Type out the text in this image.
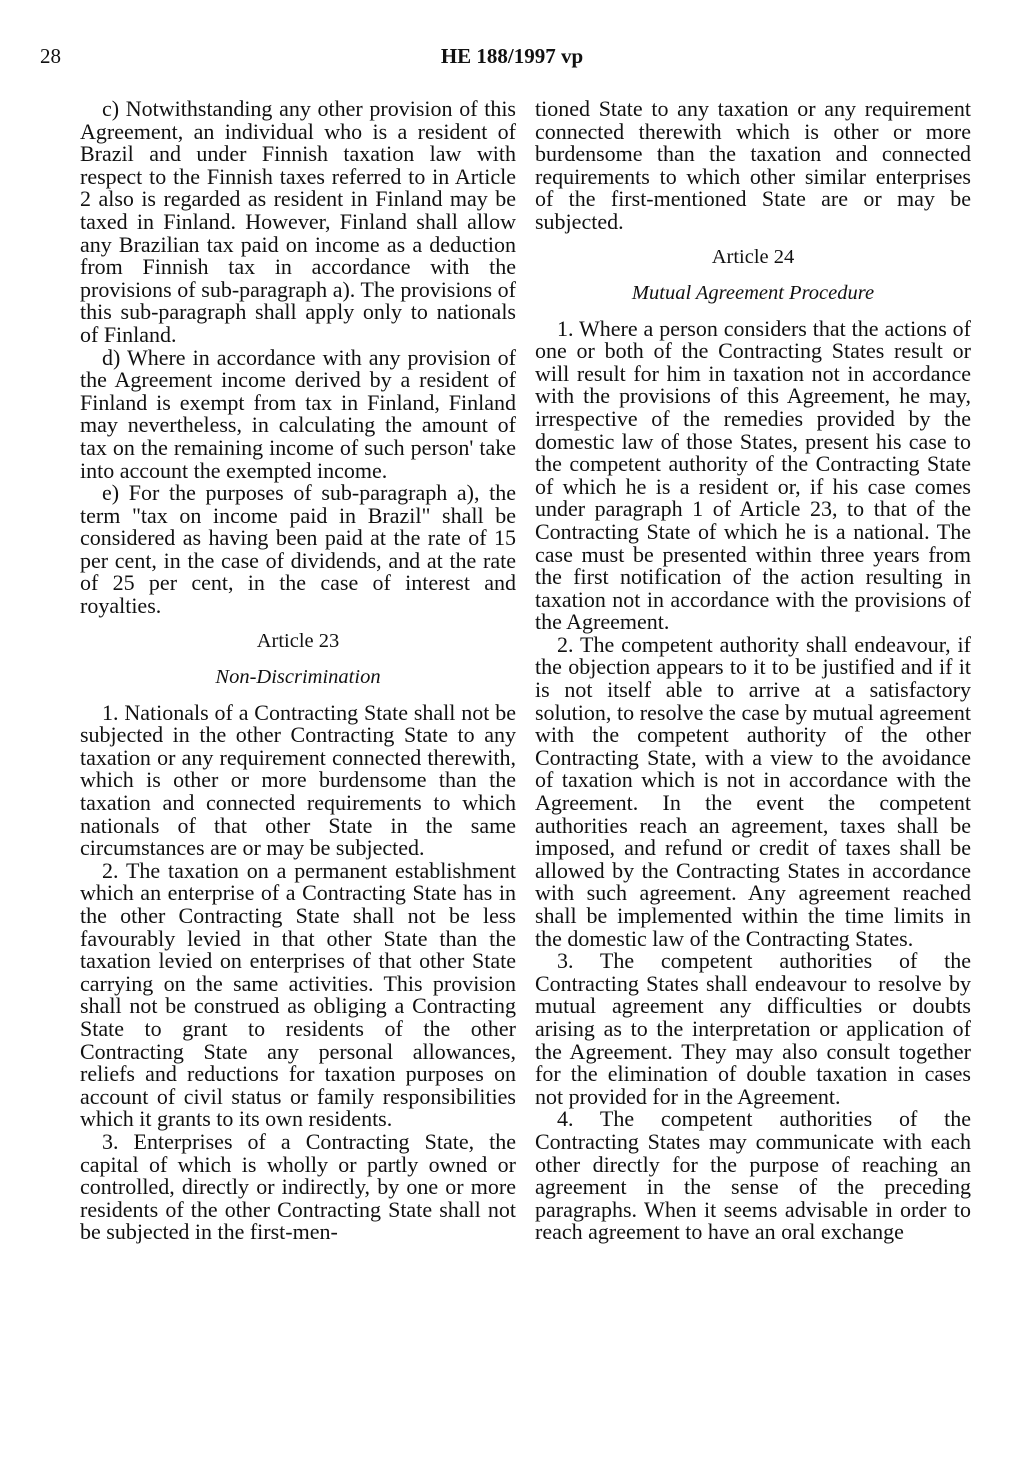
28	HE 188/1997 vp

c) Notwithstanding any other provision of this Agreement, an individual who is a resident of Brazil and under Finnish taxation law with respect to the Finnish taxes referred to in Article 2 also is regarded as resident in Finland may be taxed in Finland. However, Finland shall allow any Brazilian tax paid on income as a deduction from Finnish tax in accordance with the provisions of sub-paragraph a). The provisions of this sub-paragraph shall apply only to nationals of Finland.

d) Where in accordance with any provision of the Agreement income derived by a resident of Finland is exempt from tax in Finland, Finland may nevertheless, in calculating the amount of tax on the remaining income of such person' take into account the exempted income.

e) For the purposes of sub-paragraph a), the term "tax on income paid in Brazil" shall be considered as having been paid at the rate of 15 per cent, in the case of dividends, and at the rate of 25 per cent, in the case of interest and royalties.

Article 23
Non-Discrimination

1. Nationals of a Contracting State shall not be subjected in the other Contracting State to any taxation or any requirement connected therewith, which is other or more burdensome than the taxation and connected requirements to which nationals of that other State in the same circumstances are or may be subjected.

2. The taxation on a permanent establishment which an enterprise of a Contracting State has in the other Contracting State shall not be less favourably levied in that other State than the taxation levied on enterprises of that other State carrying on the same activities. This provision shall not be construed as obliging a Contracting State to grant to residents of the other Contracting State any personal allowances, reliefs and reductions for taxation purposes on account of civil status or family responsibilities which it grants to its own residents.

3. Enterprises of a Contracting State, the capital of which is wholly or partly owned or controlled, directly or indirectly, by one or more residents of the other Contracting State shall not be subjected in the first-men-

tioned State to any taxation or any requirement connected therewith which is other or more burdensome than the taxation and connected requirements to which other similar enterprises of the first-mentioned State are or may be subjected.

Article 24
Mutual Agreement Procedure

1. Where a person considers that the actions of one or both of the Contracting States result or will result for him in taxation not in accordance with the provisions of this Agreement, he may, irrespective of the remedies provided by the domestic law of those States, present his case to the competent authority of the Contracting State of which he is a resident or, if his case comes under paragraph 1 of Article 23, to that of the Contracting State of which he is a national. The case must be presented within three years from the first notification of the action resulting in taxation not in accordance with the provisions of the Agreement.

2. The competent authority shall endeavour, if the objection appears to it to be justified and if it is not itself able to arrive at a satisfactory solution, to resolve the case by mutual agreement with the competent authority of the other Contracting State, with a view to the avoidance of taxation which is not in accordance with the Agreement. In the event the competent authorities reach an agreement, taxes shall be imposed, and refund or credit of taxes shall be allowed by the Contracting States in accordance with such agreement. Any agreement reached shall be implemented within the time limits in the domestic law of the Contracting States.

3. The competent authorities of the Contracting States shall endeavour to resolve by mutual agreement any difficulties or doubts arising as to the interpretation or application of the Agreement. They may also consult together for the elimination of double taxation in cases not provided for in the Agreement.

4. The competent authorities of the Contracting States may communicate with each other directly for the purpose of reaching an agreement in the sense of the preceding paragraphs. When it seems advisable in order to reach agreement to have an oral exchange
